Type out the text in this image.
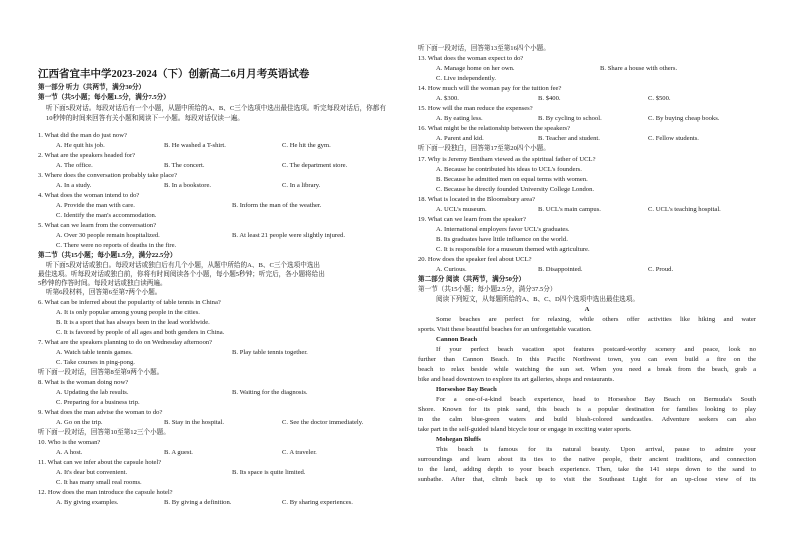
江西省宜丰中学2023-2024（下）创新高二6月月考英语试卷
第一部分 听力（共两节，满分30分）
第一节（共5小题；每小题1.5分，满分7.5分）
听下面5段对话。每段对话后有一个小题，从题中所给的A、B、C三个选项中选出最佳选项。听完每段对话后，你都有10秒钟的时间来回答有关小题和阅读下一小题。每段对话仅读一遍。
1. What did the man do just now?
A. He quit his job.	B. He washed a T-shirt.	C. He hit the gym.
2. What are the speakers headed for?
A. The office.	B. The concert.	C. The department store.
3. Where does the conversation probably take place?
A. In a study.	B. In a bookstore.	C. In a library.
4. What does the woman intend to do?
A. Provide the man with care.	B. Inform the man of the weather.
C. Identify the man's accommodation.
5. What can we learn from the conversation?
A. Over 30 people remain hospitalized.	B. At least 21 people were slightly injured.
C. There were no reports of deaths in the fire.
第二节（共15小题；每小题1.5分，满分22.5分）
听下面5段对话或独白。每段对话或独白后有几个小题，从题中所给的A、B、C三个选项中选出
最佳选项。听每段对话或独白前，你将有时间阅读各个小题，每小题5秒钟；听完后，各小题将给出
5秒钟的作答时间。每段对话或独白读两遍。
听第6段材料，回答第6至第7两个小题。
6. What can be inferred about the popularity of table tennis in China?
A. It is only popular among young people in the cities.
B. It is a sport that has always been in the lead worldwide.
C. It is favored by people of all ages and both genders in China.
7. What are the speakers planning to do on Wednesday afternoon?
A. Watch table tennis games.	B. Play table tennis together.
C. Take courses in ping-pong.
听下面一段对话，回答第8至第9两个小题。
8. What is the woman doing now?
A. Updating the lab results.	B. Waiting for the diagnosis.
C. Preparing for a business trip.
9. What does the man advise the woman to do?
A. Go on the trip.	B. Stay in the hospital.	C. See the doctor immediately.
听下面一段对话，回答第10至第12三个小题。
10. Who is the woman?
A. A host.	B. A guest.	C. A traveler.
11. What can we infer about the capsule hotel?
A. It's dear but convenient.	B. Its space is quite limited.
C. It has many small real rooms.
12. How does the man introduce the capsule hotel?
A. By giving examples.	B. By giving a definition.	C. By sharing experiences.
听下面一段对话，回答第13至第16四个小题。
13. What does the woman expect to do?
A. Manage home on her own.	B. Share a house with others.
C. Live independently.
14. How much will the woman pay for the tuition fee?
A. $300.	B. $400.	C. $500.
15. How will the man reduce the expenses?
A. By eating less.	B. By cycling to school.	C. By buying cheap books.
16. What might be the relationship between the speakers?
A. Parent and kid.	B. Teacher and student.	C. Fellow students.
听下面一段独白，回答第17至第20四个小题。
17. Why is Jeremy Bentham viewed as the spiritual father of UCL?
A. Because he contributed his ideas to UCL's founders.
B. Because he admitted men on equal terms with women.
C. Because he directly founded University College London.
18. What is located in the Bloomsbury area?
A. UCL's museum.	B. UCL's main campus.	C. UCL's teaching hospital.
19. What can we learn from the speaker?
A. International employers favor UCL's graduates.
B. Its graduates have little influence on the world.
C. It is responsible for a museum themed with agriculture.
20. How does the speaker feel about UCL?
A. Curious.	B. Disappointed.	C. Proud.
第二部分 阅读（共两节，满分50分）
第一节（共15小题；每小题2.5分，满分37.5分）
阅读下列短文，从每题所给的A、B、C、D四个选项中选出最佳选项。
A
Some beaches are perfect for relaxing, while others offer activities like hiking and water
sports. Visit these beautiful beaches for an unforgettable vacation.
Cannon Beach
If your perfect beach vacation spot features postcard-worthy scenery and peace, look no
further than Cannon Beach. In this Pacific Northwest town, you can even build a fire on the
beach to relax beside while watching the sun set. When you need a break from the beach, grab a
bike and head downtown to explore its art galleries, shops and restaurants.
Horseshoe Bay Beach
For a one-of-a-kind beach experience, head to Horseshoe Bay Beach on Bermuda's South
Shore. Known for its pink sand, this beach is a popular destination for families looking to play
in the calm blue-green waters and build blush-colored sandcastles. Adventure seekers can also
take part in the self-guided island bicycle tour or engage in exciting water sports.
Mohegan Bluffs
This beach is famous for its natural beauty. Upon arrival, pause to admire your
surroundings and learn about its ties to the native people, their ancient traditions, and connection
to the land, adding depth to your beach experience. Then, take the 141 steps down to the sand to
sunbathe. After that, climb back up to visit the Southeast Light for an up-close view of its
